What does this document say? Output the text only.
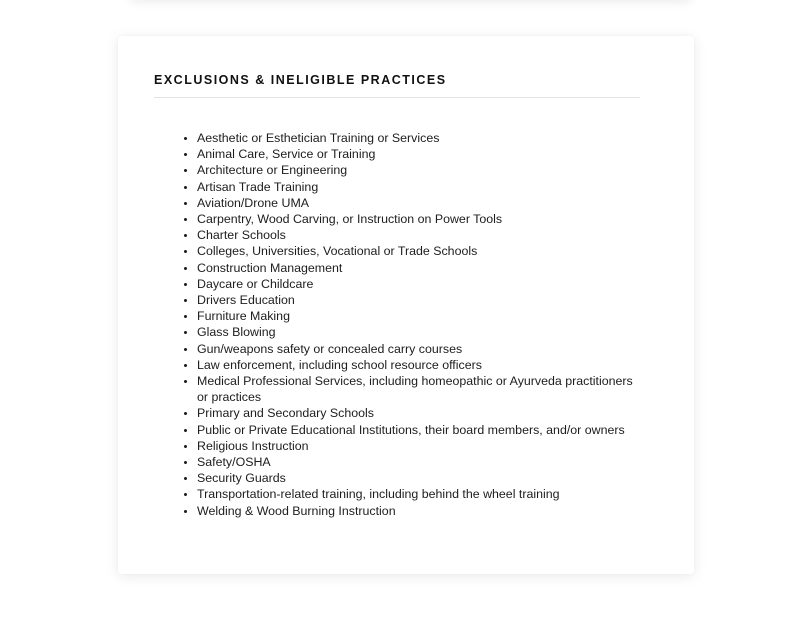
EXCLUSIONS & INELIGIBLE PRACTICES
• Aesthetic or Esthetician Training or Services
• Animal Care, Service or Training
• Architecture or Engineering
• Artisan Trade Training
• Aviation/Drone UMA
• Carpentry, Wood Carving, or Instruction on Power Tools
• Charter Schools
• Colleges, Universities, Vocational or Trade Schools
• Construction Management
• Daycare or Childcare
• Drivers Education
• Furniture Making
• Glass Blowing
• Gun/weapons safety or concealed carry courses
• Law enforcement, including school resource officers
• Medical Professional Services, including homeopathic or Ayurveda practitioners or practices
• Primary and Secondary Schools
• Public or Private Educational Institutions, their board members, and/or owners
• Religious Instruction
• Safety/OSHA
• Security Guards
• Transportation-related training, including behind the wheel training
• Welding & Wood Burning Instruction
